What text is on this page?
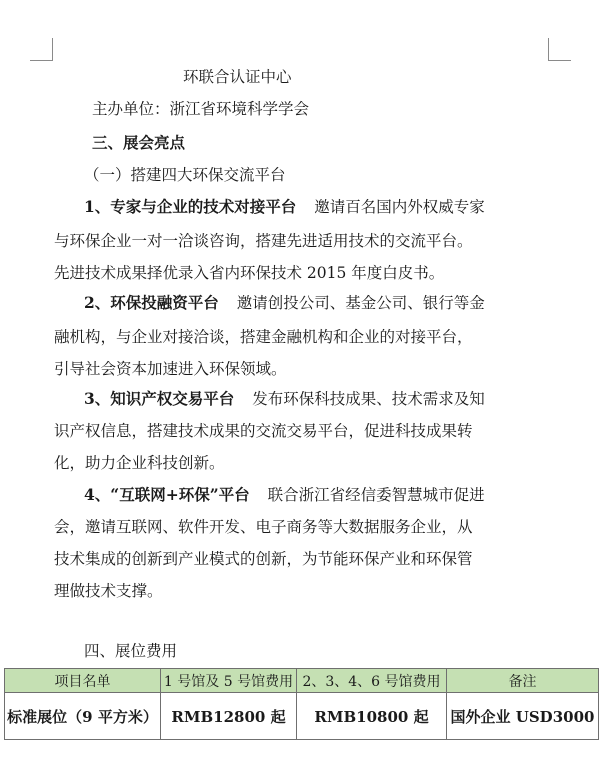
环联合认证中心
主办单位：浙江省环境科学学会
三、展会亮点
（一）搭建四大环保交流平台
1、专家与企业的技术对接平台 邀请百名国内外权威专家
与环保企业一对一洽谈咨询，搭建先进适用技术的交流平台。
先进技术成果择优录入省内环保技术 2015 年度白皮书。
2、环保投融资平台 邀请创投公司、基金公司、银行等金
融机构，与企业对接洽谈，搭建金融机构和企业的对接平台，
引导社会资本加速进入环保领域。
3、知识产权交易平台 发布环保科技成果、技术需求及知
识产权信息，搭建技术成果的交流交易平台，促进科技成果转
化，助力企业科技创新。
4、“互联网+环保”平台 联合浙江省经信委智慧城市促进
会，邀请互联网、软件开发、电子商务等大数据服务企业，从
技术集成的创新到产业模式的创新，为节能环保产业和环保管
理做技术支撑。
四、展位费用
项目名单	1 号馆及 5 号馆费用	2、3、4、6 号馆费用	备注
标准展位（9 平方米）	RMB12800 起	RMB10800 起	国外企业 USD3000
